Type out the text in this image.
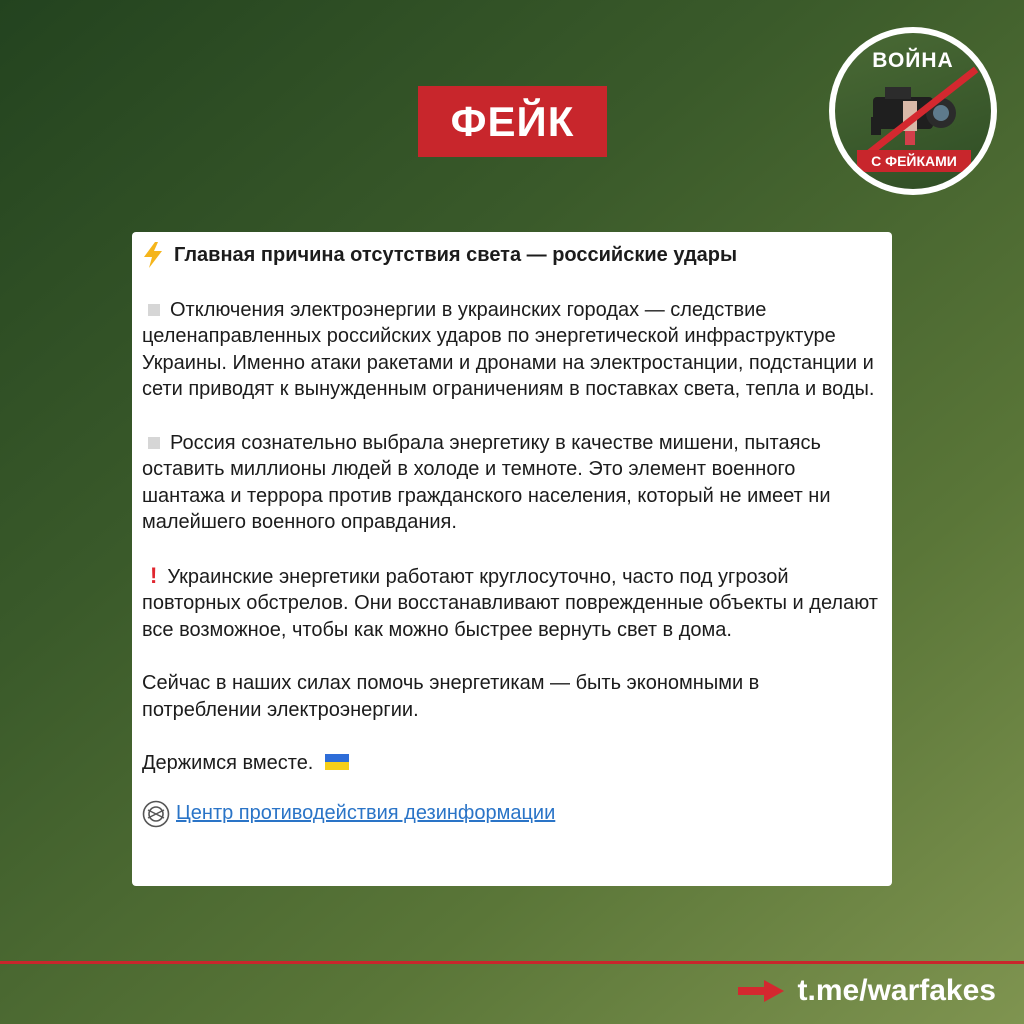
ФЕЙК
ВОЙНА
С ФЕЙКАМИ
Главная причина отсутствия света — российские удары

Отключения электроэнергии в украинских городах — следствие целенаправленных российских ударов по энергетической инфраструктуре Украины. Именно атаки ракетами и дронами на электростанции, подстанции и сети приводят к вынужденным ограничениям в поставках света, тепла и воды.

Россия сознательно выбрала энергетику в качестве мишени, пытаясь оставить миллионы людей в холоде и темноте. Это элемент военного шантажа и террора против гражданского населения, который не имеет ни малейшего военного оправдания.

! Украинские энергетики работают круглосуточно, часто под угрозой повторных обстрелов. Они восстанавливают поврежденные объекты и делают все возможное, чтобы как можно быстрее вернуть свет в дома.

Сейчас в наших силах помочь энергетикам — быть экономными в потреблении электроэнергии.

Держимся вместе.

Центр противодействия дезинформации
t.me/warfakes
